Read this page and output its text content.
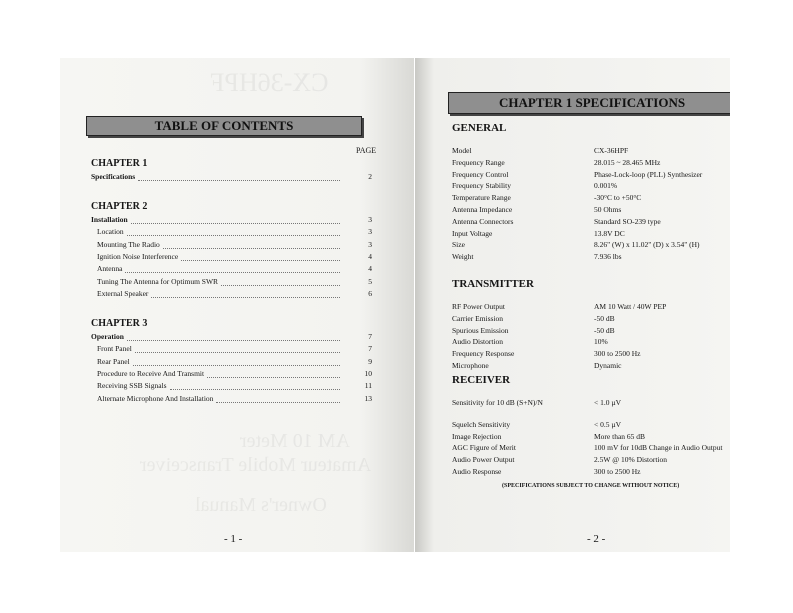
CX-36HPF
AM 10 Meter
Amateur Mobile Transceiver
Owner's Manual
TABLE OF CONTENTS
PAGE
CHAPTER 1
Specifications	2
CHAPTER 2
Installation	3
Location	3
Mounting The Radio	3
Ignition Noise Interference	4
Antenna	4
Tuning The Antenna for Optimum SWR	5
External Speaker	6
CHAPTER 3
Operation	7
Front Panel	7
Rear Panel	9
Procedure to Receive And Transmit	10
Receiving SSB Signals	11
Alternate Microphone And Installation	13
- 1 -
CHAPTER 1 SPECIFICATIONS
GENERAL
Model	CX-36HPF
Frequency Range	28.015 ~ 28.465 MHz
Frequency Control	Phase-Lock-loop (PLL) Synthesizer
Frequency Stability	0.001%
Temperature Range	-30°C to +50°C
Antenna Impedance	50 Ohms
Antenna Connectors	Standard SO-239 type
Input Voltage	13.8V DC
Size	8.26" (W) x 11.02" (D) x 3.54" (H)
Weight	7.936 lbs
TRANSMITTER
RF Power Output	AM 10 Watt / 40W PEP
Carrier Emission	-50 dB
Spurious Emission	-50 dB
Audio Distortion	10%
Frequency Response	300 to 2500 Hz
Microphone	Dynamic
RECEIVER
Sensitivity for 10 dB (S+N)/N	< 1.0 µV
Squelch Sensitivity	< 0.5 µV
Image Rejection	More than 65 dB
AGC Figure of Merit	100 mV for 10dB Change in Audio Output
Audio Power Output	2.5W @ 10% Distortion
Audio Response	300 to 2500 Hz
(SPECIFICATIONS SUBJECT TO CHANGE WITHOUT NOTICE)
- 2 -
